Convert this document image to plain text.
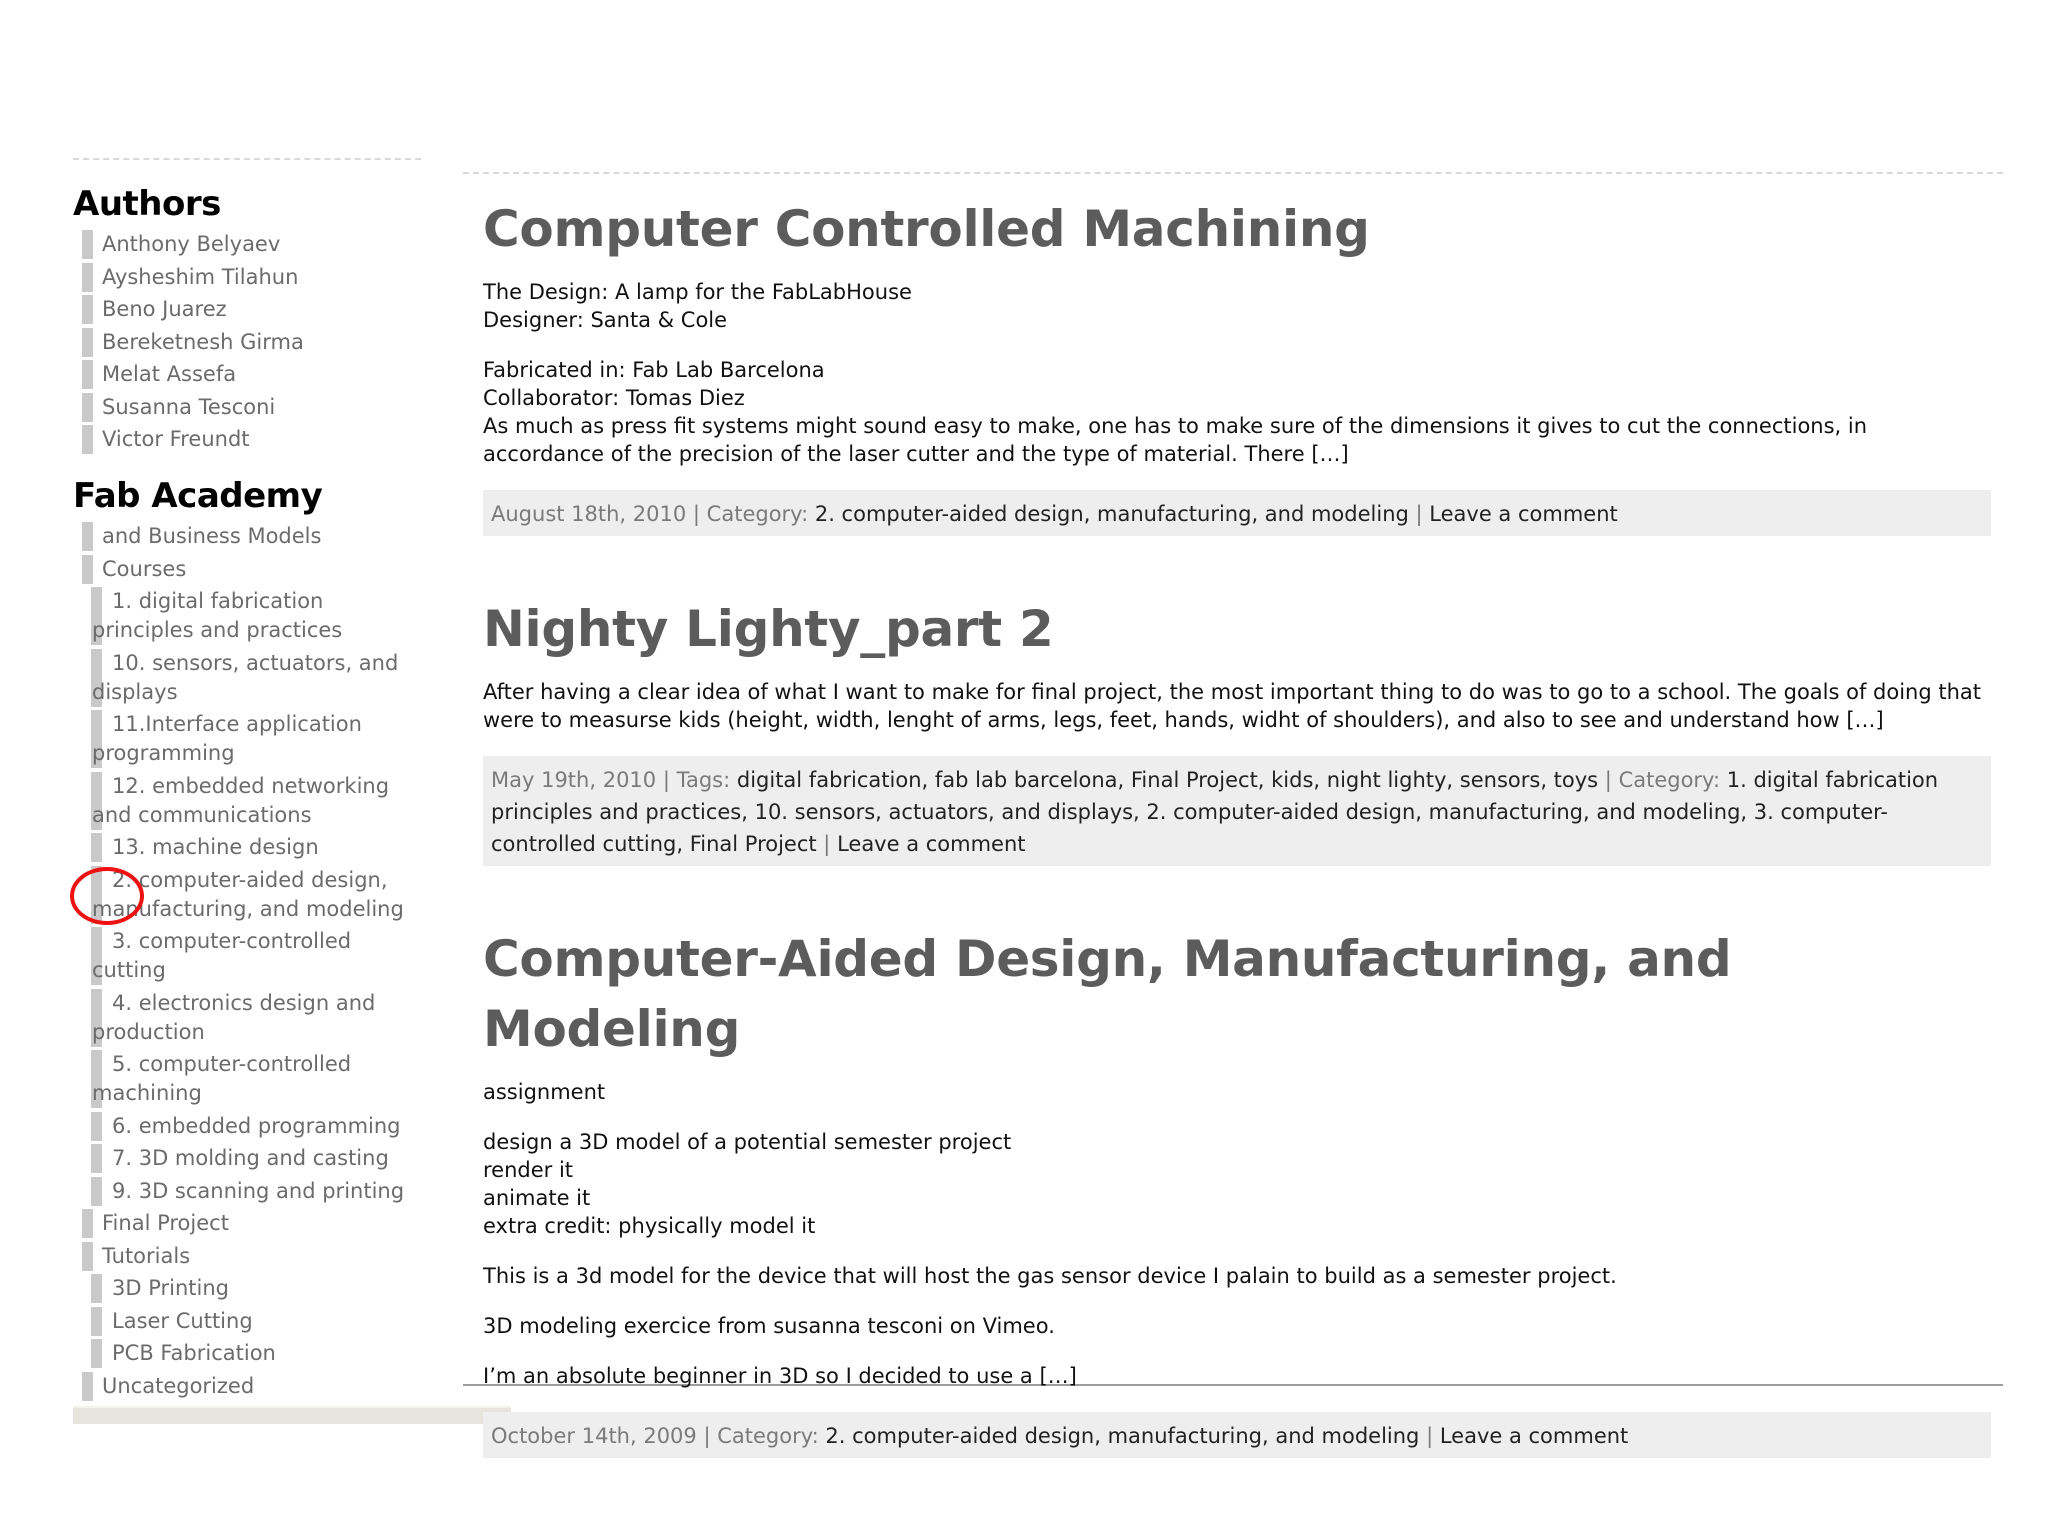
Authors
Anthony Belyaev
Aysheshim Tilahun
Beno Juarez
Bereketnesh Girma
Melat Assefa
Susanna Tesconi
Victor Freundt
Fab Academy
and Business Models
Courses
1. digital fabrication
principles and practices
10. sensors, actuators, and
displays
11.Interface application
programming
12. embedded networking
and communications
13. machine design
2. computer-aided design,
manufacturing, and modeling
3. computer-controlled
cutting
4. electronics design and
production
5. computer-controlled
machining
6. embedded programming
7. 3D molding and casting
9. 3D scanning and printing
Final Project
Tutorials
3D Printing
Laser Cutting
PCB Fabrication
Uncategorized
Computer Controlled Machining

The Design: A lamp for the FabLabHouse
Designer: Santa & Cole

Fabricated in: Fab Lab Barcelona
Collaborator: Tomas Diez
As much as press fit systems might sound easy to make, one has to make sure of the dimensions it gives to cut the connections, in accordance of the precision of the laser cutter and the type of material. There […]

August 18th, 2010 | Category: 2. computer-aided design, manufacturing, and modeling | Leave a comment
Nighty Lighty_part 2

After having a clear idea of what I want to make for final project, the most important thing to do was to go to a school. The goals of doing that were to measurse kids (height, width, lenght of arms, legs, feet, hands, widht of shoulders), and also to see and understand how […]

May 19th, 2010 | Tags: digital fabrication, fab lab barcelona, Final Project, kids, night lighty, sensors, toys | Category: 1. digital fabrication principles and practices, 10. sensors, actuators, and displays, 2. computer-aided design, manufacturing, and modeling, 3. computer-controlled cutting, Final Project | Leave a comment
Computer-Aided Design, Manufacturing, and Modeling

assignment

design a 3D model of a potential semester project
render it
animate it
extra credit: physically model it

This is a 3d model for the device that will host the gas sensor device I palain to build as a semester project.

3D modeling exercice from susanna tesconi on Vimeo.

I’m an absolute beginner in 3D so I decided to use a […]

October 14th, 2009 | Category: 2. computer-aided design, manufacturing, and modeling | Leave a comment
